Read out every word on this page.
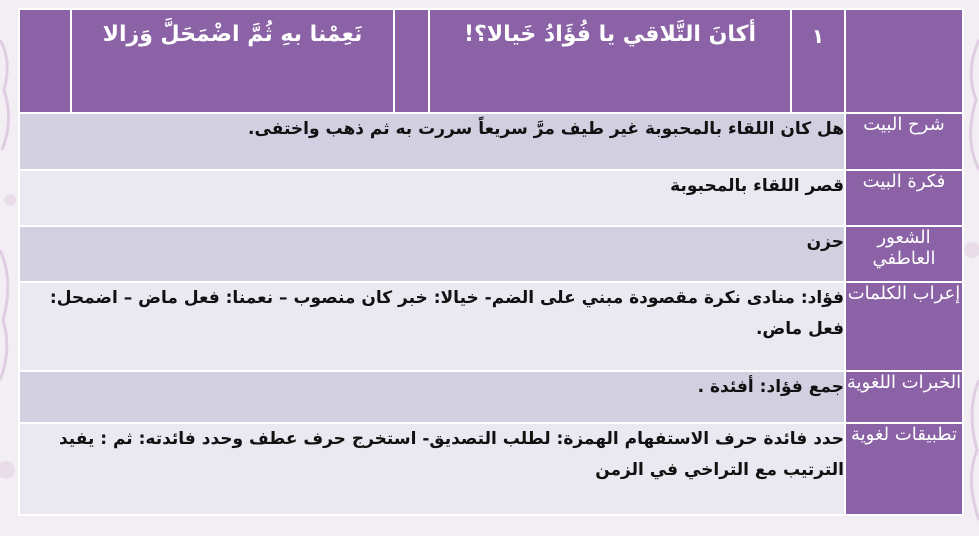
	نَعِمْنا بهِ ثُمَّ اضْمَحَلَّ وَزالا		أكانَ التَّلاقي يا فُؤَادُ خَيالا؟!	١	

هل كان اللقاء بالمحبوبة غير طيف مرَّ سريعاً سررت به ثم ذهب واختفى.					شرح البيت
قصر اللقاء بالمحبوبة					فكرة البيت
حزن					الشعور العاطفي
فؤاد: منادى نكرة مقصودة مبني على الضم- خيالا: خبر كان منصوب – نعمنا: فعل ماض – اضمحل: فعل ماض.					إعراب الكلمات
جمع فؤاد: أفئدة .					الخبرات اللغوية
حدد فائدة حرف الاستفهام الهمزة: لطلب التصديق- استخرج حرف عطف وحدد فائدته: ثم : يفيد الترتيب مع التراخي في الزمن					تطبيقات لغوية
